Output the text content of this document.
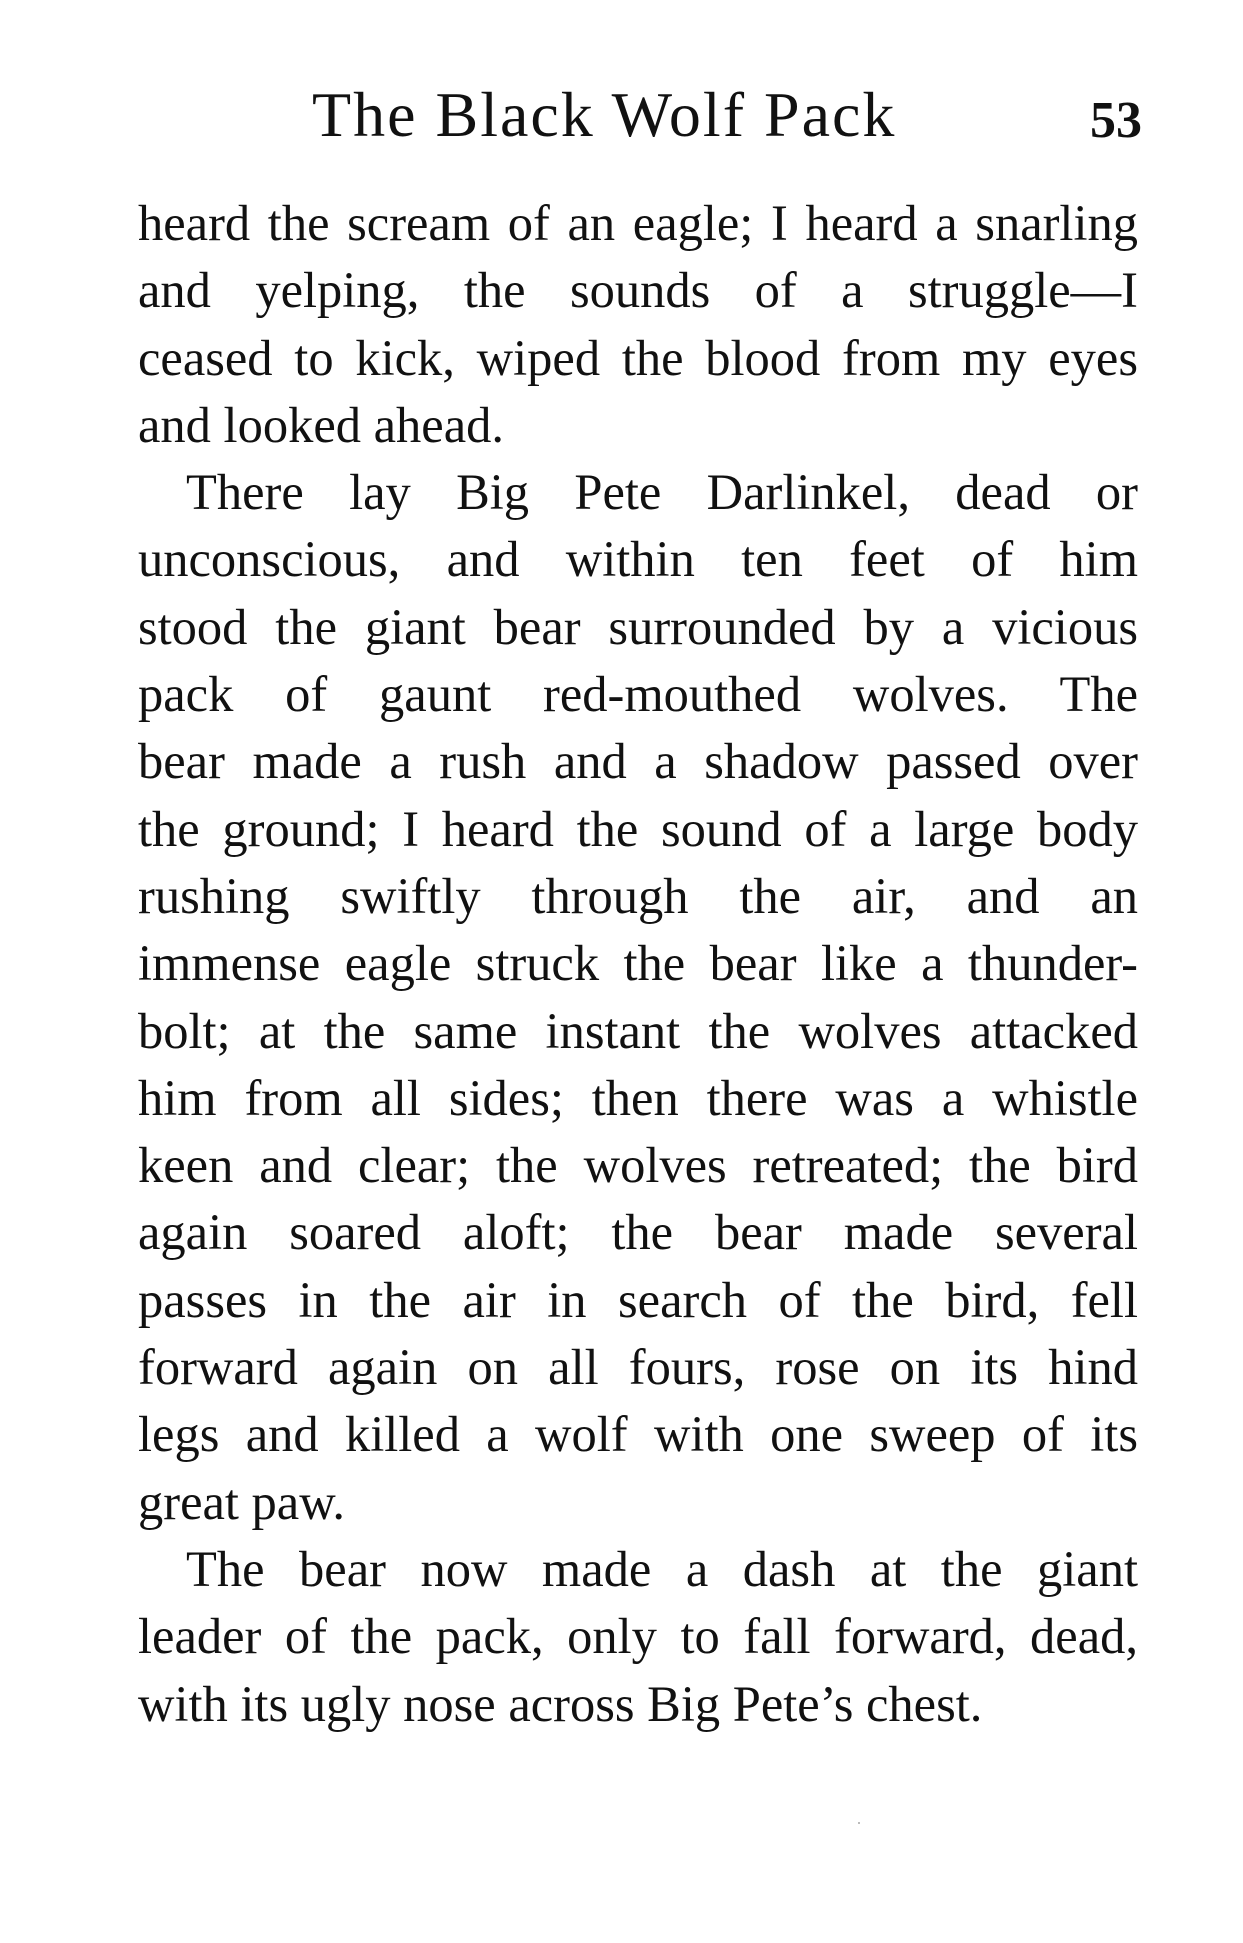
The Black Wolf Pack	53
heard the scream of an eagle; I heard a snarling
and yelping, the sounds of a struggle—I
ceased to kick, wiped the blood from my eyes
and looked ahead.
There lay Big Pete Darlinkel, dead or
unconscious, and within ten feet of him
stood the giant bear surrounded by a vicious
pack of gaunt red-mouthed wolves. The
bear made a rush and a shadow passed over
the ground; I heard the sound of a large body
rushing swiftly through the air, and an
immense eagle struck the bear like a thunder-
bolt; at the same instant the wolves attacked
him from all sides; then there was a whistle
keen and clear; the wolves retreated; the bird
again soared aloft; the bear made several
passes in the air in search of the bird, fell
forward again on all fours, rose on its hind
legs and killed a wolf with one sweep of its
great paw.
The bear now made a dash at the giant
leader of the pack, only to fall forward, dead,
with its ugly nose across Big Pete’s chest.
